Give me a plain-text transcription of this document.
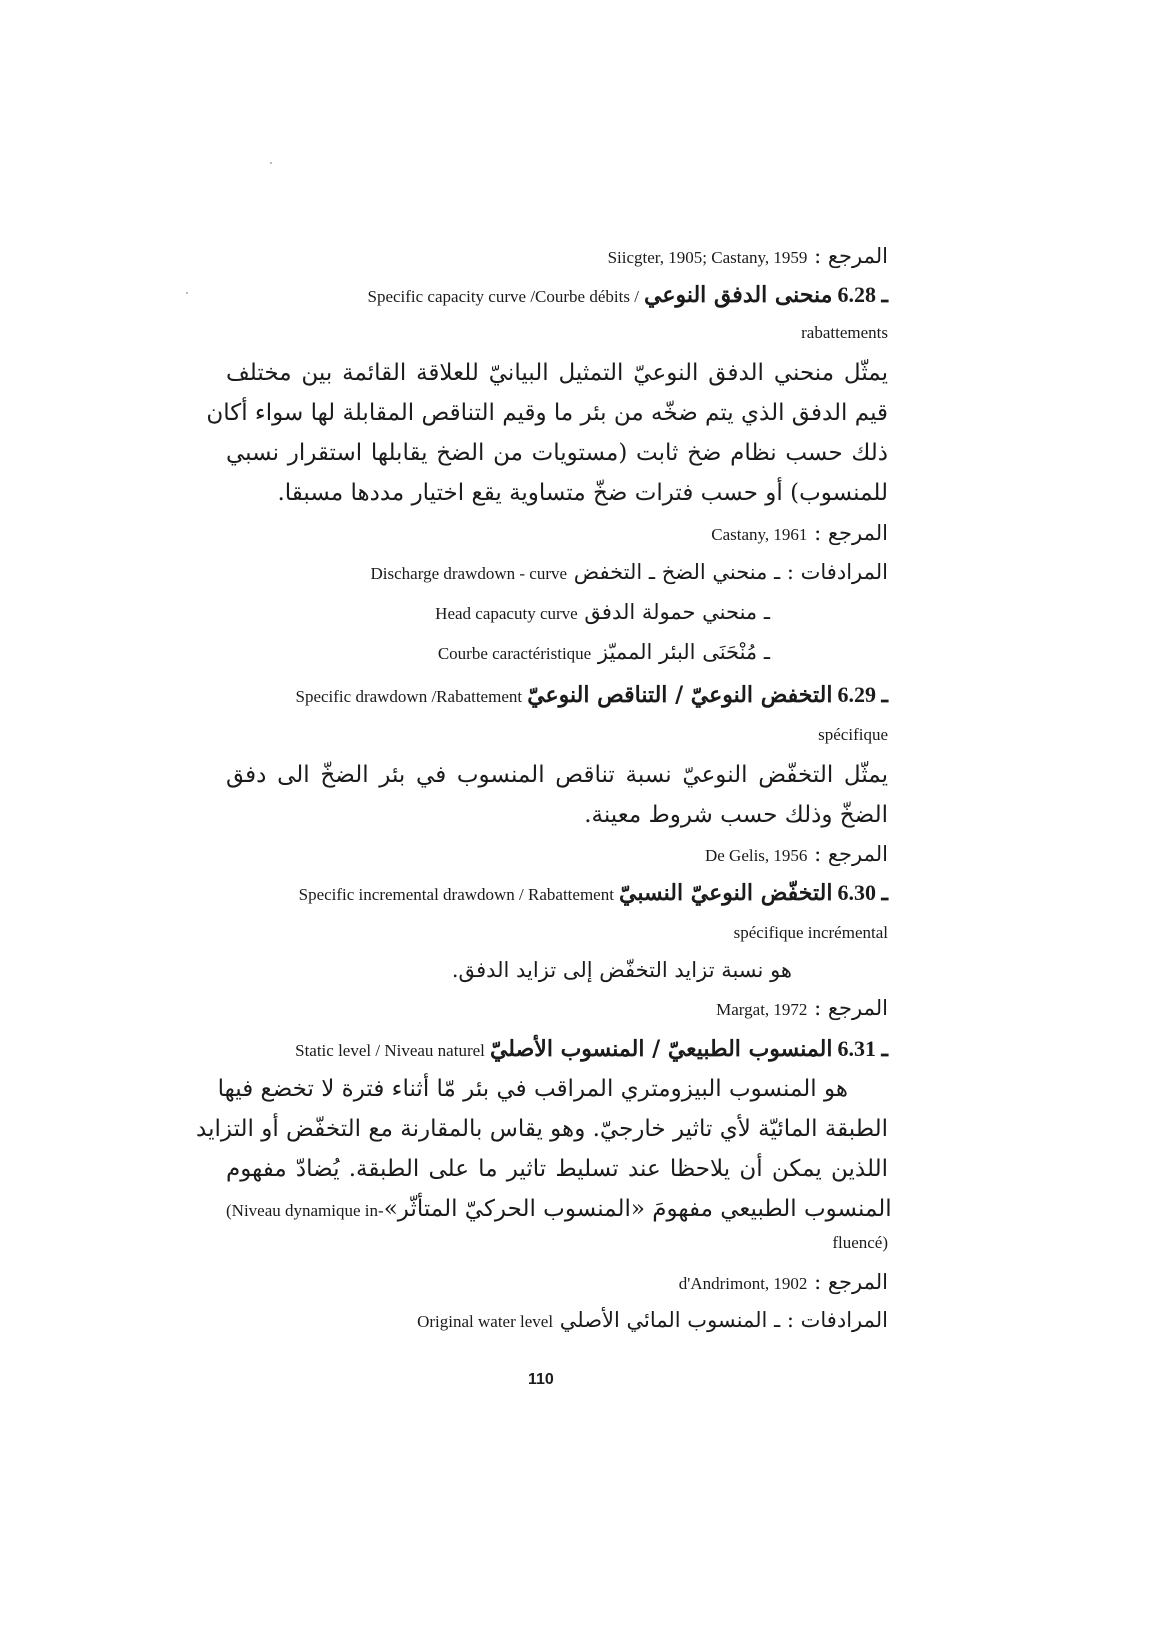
Siicgter, 1905; Castany, 1959 المرجع :
Specific capacity curve /Courbe débits / منحنى الدفق النوعي 6.28 ـ
rabattements
يمثّل منحني الدفق النوعيّ التمثيل البيانيّ للعلاقة القائمة بين مختلف
قيم الدفق الذي يتم ضخّه من بئر ما وقيم التناقص المقابلة لها سواء أكان
ذلك حسب نظام ضخ ثابت (مستويات من الضخ يقابلها استقرار نسبي
للمنسوب) أو حسب فترات ضخّ متساوية يقع اختيار مددها مسبقا.
Castany, 1961 المرجع :
Discharge drawdown - curve ـ منحني الضخ ـ التخفض المرادفات :
Head capacuty curve ـ منحني حمولة الدفق
Courbe caractéristique ـ مُنْحَنَى البئر المميّز
Specific drawdown /Rabattement التخفض النوعيّ / التناقص النوعيّ 6.29 ـ
spécifique
يمثّل التخفّض النوعيّ نسبة تناقص المنسوب في بئر الضخّ الى دفق
الضخّ وذلك حسب شروط معينة.
De Gelis, 1956 المرجع :
Specific incremental drawdown / Rabattement التخفّض النوعيّ النسبيّ 6.30 ـ
spécifique incrémental
هو نسبة تزايد التخفّض إلى تزايد الدفق.
Margat, 1972 المرجع :
Static level / Niveau naturel المنسوب الطبيعيّ / المنسوب الأصليّ 6.31 ـ
هو المنسوب البيزومتري المراقب في بئر مّا أثناء فترة لا تخضع فيها
الطبقة المائيّة لأي تاثير خارجيّ. وهو يقاس بالمقارنة مع التخفّض أو التزايد
اللذين يمكن أن يلاحظا عند تسليط تاثير ما على الطبقة. يُضادّ مفهوم
(Niveau dynamique in- المنسوب الطبيعي مفهومَ «المنسوب الحركيّ المتأثّر»
fluencé)
d'Andrimont, 1902 المرجع :
Original water level ـ المنسوب المائي الأصلي المرادفات :
110
